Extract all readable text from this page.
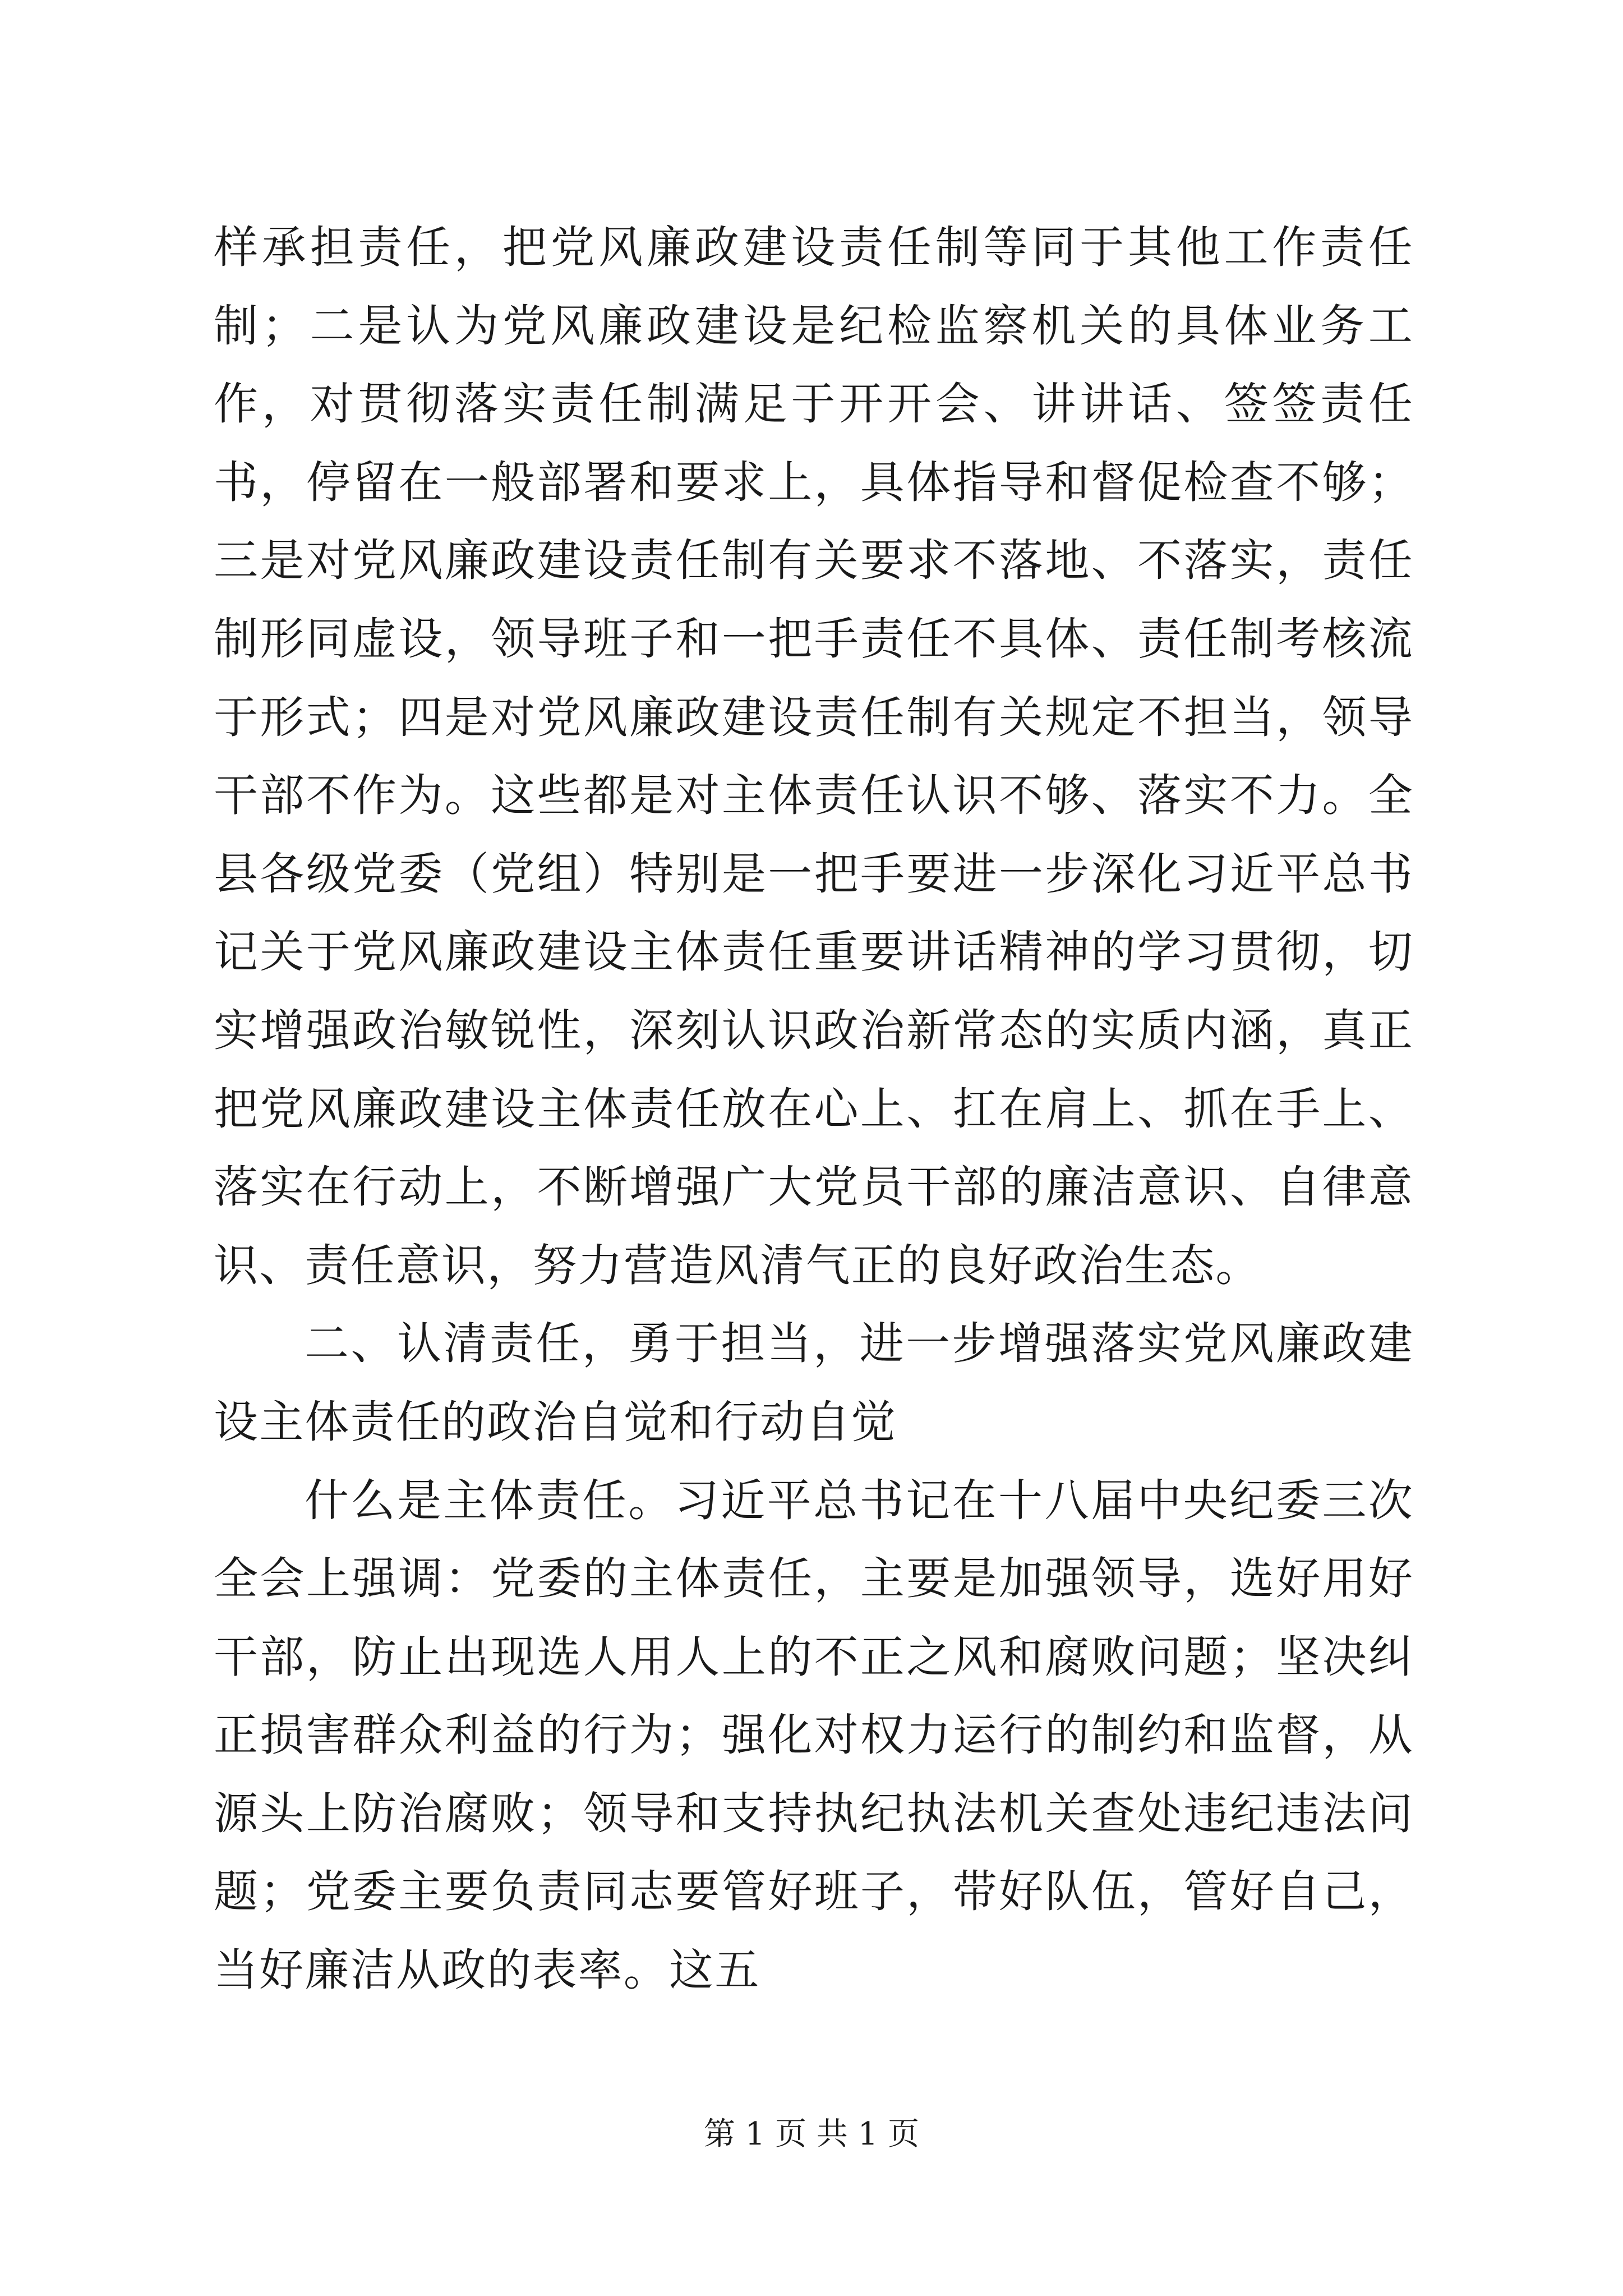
样承担责任，把党风廉政建设责任制等同于其他工作责任制；二是认为党风廉政建设是纪检监察机关的具体业务工作，对贯彻落实责任制满足于开开会、讲讲话、签签责任书，停留在一般部署和要求上，具体指导和督促检查不够；三是对党风廉政建设责任制有关要求不落地、不落实，责任制形同虚设，领导班子和一把手责任不具体、责任制考核流于形式；四是对党风廉政建设责任制有关规定不担当，领导干部不作为。这些都是对主体责任认识不够、落实不力。全县各级党委（党组）特别是一把手要进一步深化习近平总书记关于党风廉政建设主体责任重要讲话精神的学习贯彻，切实增强政治敏锐性，深刻认识政治新常态的实质内涵，真正把党风廉政建设主体责任放在心上、扛在肩上、抓在手上、落实在行动上，不断增强广大党员干部的廉洁意识、自律意识、责任意识，努力营造风清气正的良好政治生态。

二、认清责任，勇于担当，进一步增强落实党风廉政建设主体责任的政治自觉和行动自觉

什么是主体责任。习近平总书记在十八届中央纪委三次全会上强调：党委的主体责任，主要是加强领导，选好用好干部，防止出现选人用人上的不正之风和腐败问题；坚决纠正损害群众利益的行为；强化对权力运行的制约和监督，从源头上防治腐败；领导和支持执纪执法机关查处违纪违法问题；党委主要负责同志要管好班子，带好队伍，管好自己，当好廉洁从政的表率。这五

第 1 页 共 1 页
